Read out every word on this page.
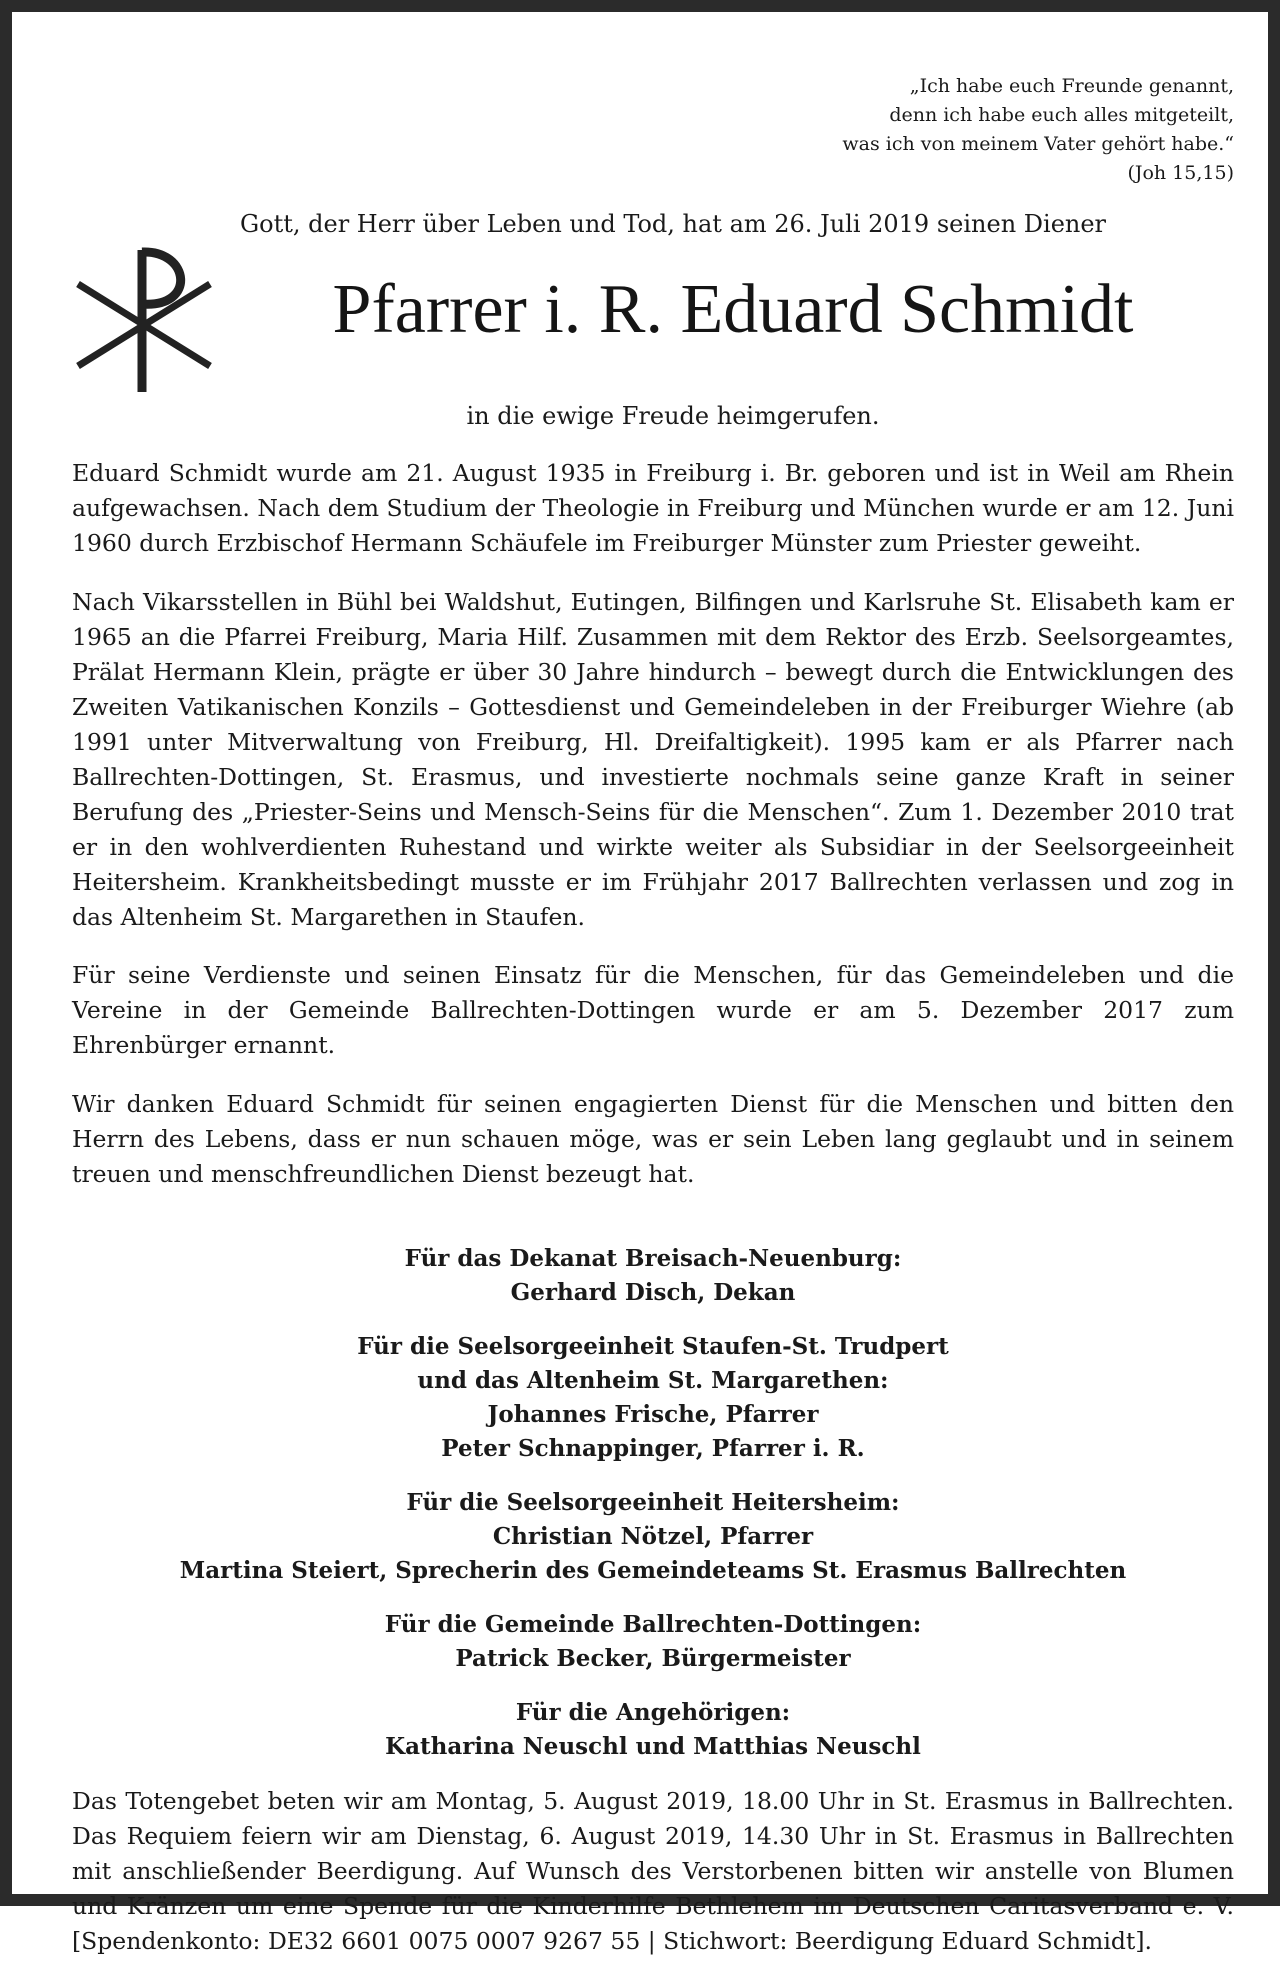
„Ich habe euch Freunde genannt,
denn ich habe euch alles mitgeteilt,
was ich von meinem Vater gehört habe.“
(Joh 15,15)
Gott, der Herr über Leben und Tod, hat am 26. Juli 2019 seinen Diener
Pfarrer i. R. Eduard Schmidt
in die ewige Freude heimgerufen.

Eduard Schmidt wurde am 21. August 1935 in Freiburg i. Br. geboren und ist in Weil am Rhein aufgewachsen. Nach dem Studium der Theologie in Freiburg und München wurde er am 12. Juni 1960 durch Erzbischof Hermann Schäufele im Freiburger Münster zum Priester geweiht.

Nach Vikarsstellen in Bühl bei Waldshut, Eutingen, Bilfingen und Karlsruhe St. Elisabeth kam er 1965 an die Pfarrei Freiburg, Maria Hilf. Zusammen mit dem Rektor des Erzb. Seelsorgeamtes, Prälat Hermann Klein, prägte er über 30 Jahre hindurch – bewegt durch die Entwicklungen des Zweiten Vatikanischen Konzils – Gottesdienst und Gemeindeleben in der Freiburger Wiehre (ab 1991 unter Mitverwaltung von Freiburg, Hl. Dreifaltigkeit). 1995 kam er als Pfarrer nach Ballrechten-Dottingen, St. Erasmus, und investierte nochmals seine ganze Kraft in seiner Berufung des „Priester-Seins und Mensch-Seins für die Menschen“. Zum 1. Dezember 2010 trat er in den wohlverdienten Ruhestand und wirkte weiter als Subsidiar in der Seelsorgeeinheit Heitersheim. Krankheitsbedingt musste er im Frühjahr 2017 Ballrechten verlassen und zog in das Altenheim St. Margarethen in Staufen.

Für seine Verdienste und seinen Einsatz für die Menschen, für das Gemeindeleben und die Vereine in der Gemeinde Ballrechten-Dottingen wurde er am 5. Dezember 2017 zum Ehrenbürger ernannt.

Wir danken Eduard Schmidt für seinen engagierten Dienst für die Menschen und bitten den Herrn des Lebens, dass er nun schauen möge, was er sein Leben lang geglaubt und in seinem treuen und menschfreundlichen Dienst bezeugt hat.

Für das Dekanat Breisach-Neuenburg:
Gerhard Disch, Dekan
Für die Seelsorgeeinheit Staufen-St. Trudpert
und das Altenheim St. Margarethen:
Johannes Frische, Pfarrer
Peter Schnappinger, Pfarrer i. R.
Für die Seelsorgeeinheit Heitersheim:
Christian Nötzel, Pfarrer
Martina Steiert, Sprecherin des Gemeindeteams St. Erasmus Ballrechten
Für die Gemeinde Ballrechten-Dottingen:
Patrick Becker, Bürgermeister
Für die Angehörigen:
Katharina Neuschl und Matthias Neuschl

Das Totengebet beten wir am Montag, 5. August 2019, 18.00 Uhr in St. Erasmus in Ballrechten. Das Requiem feiern wir am Dienstag, 6. August 2019, 14.30 Uhr in St. Erasmus in Ballrechten mit anschließender Beerdigung. Auf Wunsch des Verstorbenen bitten wir anstelle von Blumen und Kränzen um eine Spende für die Kinderhilfe Bethlehem im Deutschen Caritasverband e. V. [Spendenkonto: DE32 6601 0075 0007 9267 55 | Stichwort: Beerdigung Eduard Schmidt].
